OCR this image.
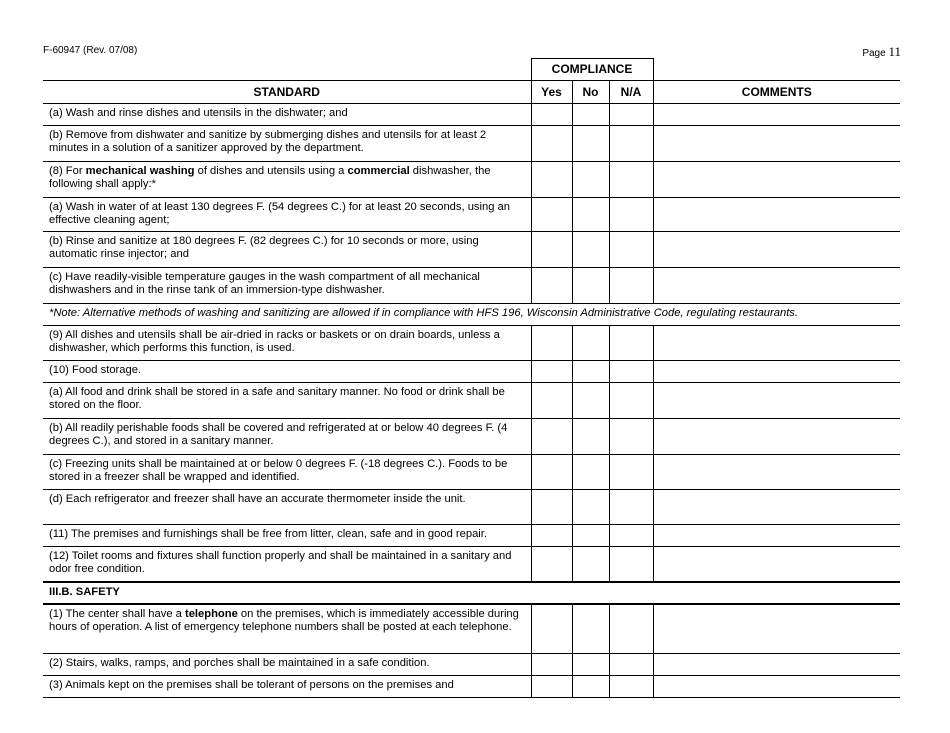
F-60947 (Rev. 07/08)	Page 11
	COMPLIANCE			
STANDARD	Yes	No	N/A	COMMENTS
(a) Wash and rinse dishes and utensils in the dishwater; and				
(b) Remove from dishwater and sanitize by submerging dishes and utensils for at least 2 minutes in a solution of a sanitizer approved by the department.				
(8) For mechanical washing of dishes and utensils using a commercial dishwasher, the following shall apply:*				
(a) Wash in water of at least 130 degrees F. (54 degrees C.) for at least 20 seconds, using an effective cleaning agent;				
(b) Rinse and sanitize at 180 degrees F. (82 degrees C.) for 10 seconds or more, using automatic rinse injector; and				
(c) Have readily-visible temperature gauges in the wash compartment of all mechanical dishwashers and in the rinse tank of an immersion-type dishwasher.				
*Note: Alternative methods of washing and sanitizing are allowed if in compliance with HFS 196, Wisconsin Administrative Code, regulating restaurants.				
(9) All dishes and utensils shall be air-dried in racks or baskets or on drain boards, unless a dishwasher, which performs this function, is used.				
(10) Food storage.				
(a) All food and drink shall be stored in a safe and sanitary manner. No food or drink shall be stored on the floor.				
(b) All readily perishable foods shall be covered and refrigerated at or below 40 degrees F. (4 degrees C.), and stored in a sanitary manner.				
(c) Freezing units shall be maintained at or below 0 degrees F. (-18 degrees C.). Foods to be stored in a freezer shall be wrapped and identified.				
(d) Each refrigerator and freezer shall have an accurate thermometer inside the unit.				
(11) The premises and furnishings shall be free from litter, clean, safe and in good repair.				
(12) Toilet rooms and fixtures shall function properly and shall be maintained in a sanitary and odor free condition.				
III.B. SAFETY				
(1) The center shall have a telephone on the premises, which is immediately accessible during hours of operation. A list of emergency telephone numbers shall be posted at each telephone.				
(2) Stairs, walks, ramps, and porches shall be maintained in a safe condition.				
(3) Animals kept on the premises shall be tolerant of persons on the premises and				
